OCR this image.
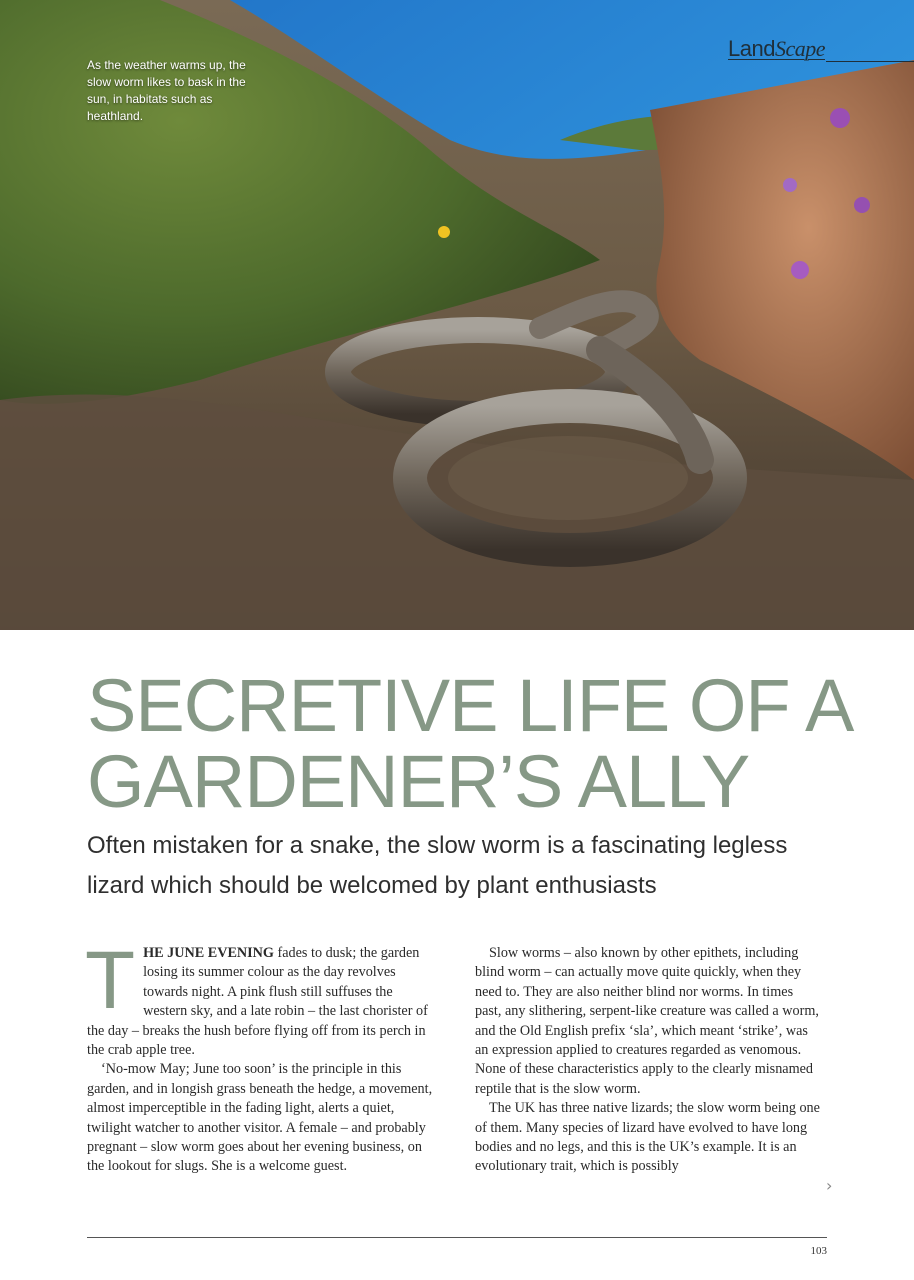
As the weather warms up, the slow worm likes to bask in the sun, in habitats such as heathland.
LandScape
SECRETIVE LIFE OF A
GARDENER’S ALLY
Often mistaken for a snake, the slow worm is a fascinating legless lizard which should be welcomed by plant enthusiasts

THE JUNE EVENING fades to dusk; the garden losing its summer colour as the day revolves towards night. A pink flush still suffuses the western sky, and a late robin – the last chorister of the day – breaks the hush before flying off from its perch in the crab apple tree.

‘No-mow May; June too soon’ is the principle in this garden, and in longish grass beneath the hedge, a movement, almost imperceptible in the fading light, alerts a quiet, twilight watcher to another visitor. A female – and probably pregnant – slow worm goes about her evening business, on the lookout for slugs. She is a welcome guest.

Slow worms – also known by other epithets, including blind worm – can actually move quite quickly, when they need to. They are also neither blind nor worms. In times past, any slithering, serpent-like creature was called a worm, and the Old English prefix ‘sla’, which meant ‘strike’, was an expression applied to creatures regarded as venomous. None of these characteristics apply to the clearly misnamed reptile that is the slow worm.

The UK has three native lizards; the slow worm being one of them. Many species of lizard have evolved to have long bodies and no legs, and this is the UK’s example. It is an evolutionary trait, which is possibly

›
103
